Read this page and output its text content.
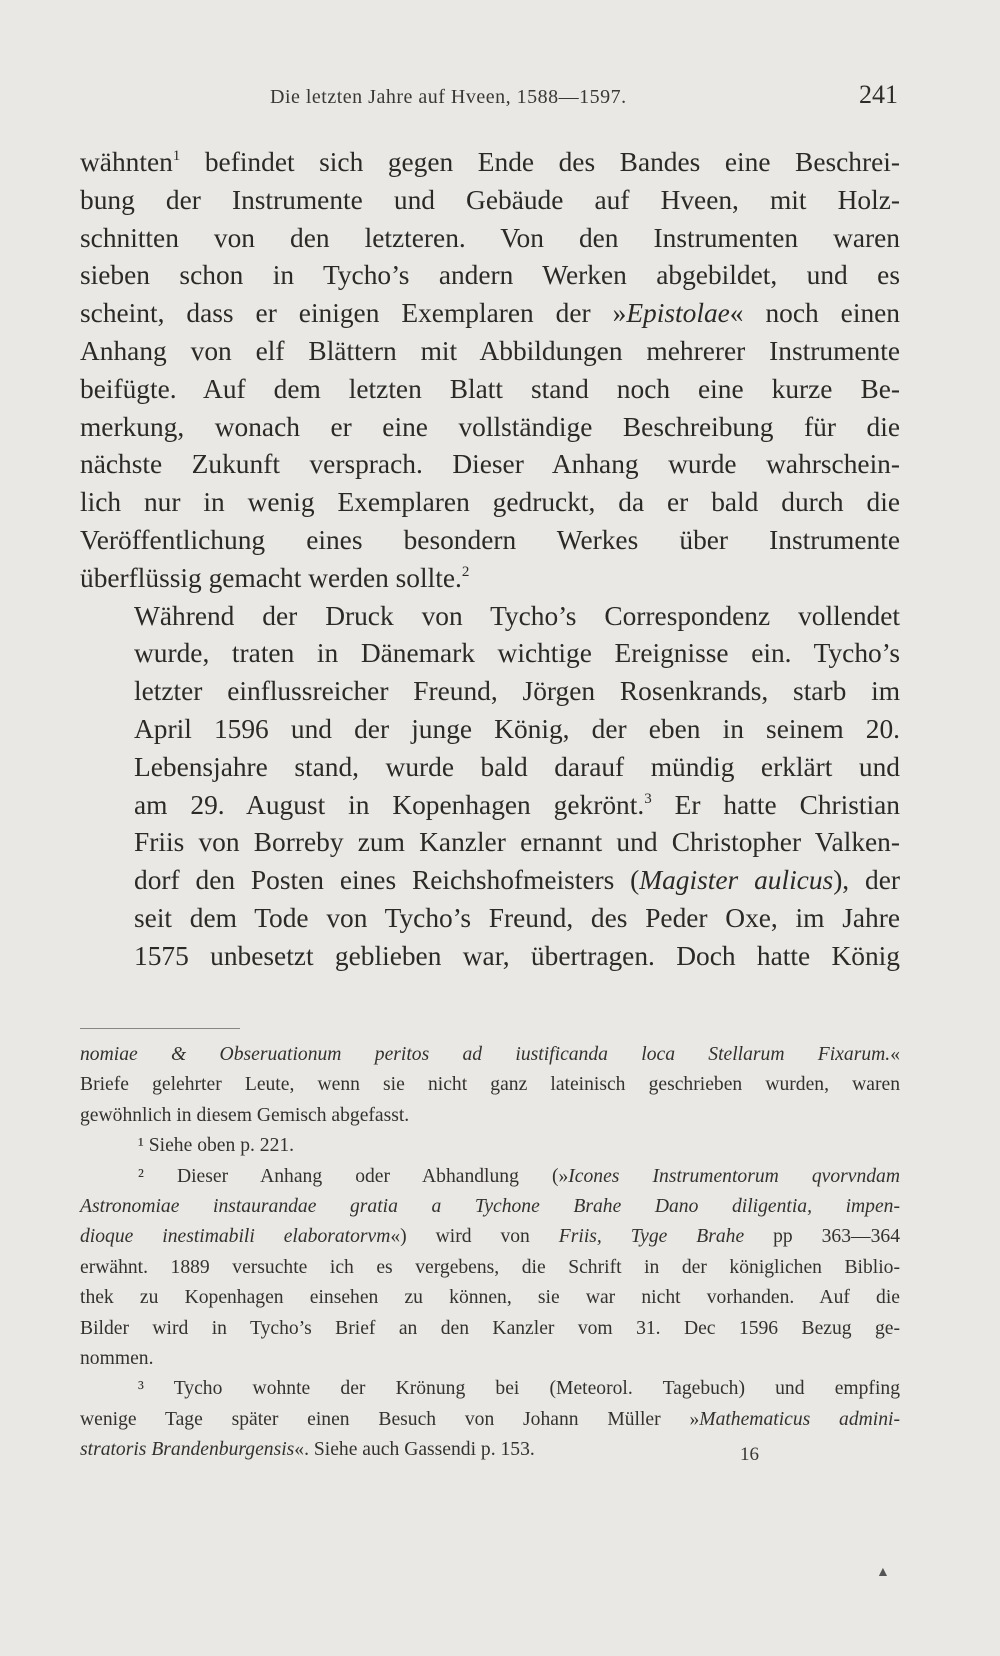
Die letzten Jahre auf Hveen, 1588—1597.	241

wähnten$^1$ befindet sich gegen Ende des Bandes eine Beschrei-
bung der Instrumente und Gebäude auf Hveen, mit Holz-
schnitten von den letzteren. Von den Instrumenten waren
sieben schon in Tycho’s andern Werken abgebildet, und es
scheint, dass er einigen Exemplaren der »Epistolae« noch einen
Anhang von elf Blättern mit Abbildungen mehrerer Instrumente
beifügte. Auf dem letzten Blatt stand noch eine kurze Be-
merkung, wonach er eine vollständige Beschreibung für die
nächste Zukunft versprach. Dieser Anhang wurde wahrschein-
lich nur in wenig Exemplaren gedruckt, da er bald durch die
Veröffentlichung eines besondern Werkes über Instrumente
überflüssig gemacht werden sollte.$^2$

Während der Druck von Tycho’s Correspondenz vollendet
wurde, traten in Dänemark wichtige Ereignisse ein. Tycho’s
letzter einflussreicher Freund, Jörgen Rosenkrands, starb im
April 1596 und der junge König, der eben in seinem 20.
Lebensjahre stand, wurde bald darauf mündig erklärt und
am 29. August in Kopenhagen gekrönt.$^3$ Er hatte Christian
Friis von Borreby zum Kanzler ernannt und Christopher Valken-
dorf den Posten eines Reichshofmeisters (Magister aulicus), der
seit dem Tode von Tycho’s Freund, des Peder Oxe, im Jahre
1575 unbesetzt geblieben war, übertragen. Doch hatte König

nomiae & Obseruationum peritos ad iustificanda loca Stellarum Fixarum.«
Briefe gelehrter Leute, wenn sie nicht ganz lateinisch geschrieben wurden, waren
gewöhnlich in diesem Gemisch abgefasst.

¹ Siehe oben p. 221.

² Dieser Anhang oder Abhandlung (»Icones Instrumentorum qvorvndam

Astronomiae instaurandae gratia a Tychone Brahe Dano diligentia, impen-
dioque inestimabili elaboratorvm«) wird von Friis, Tyge Brahe pp 363—364
erwähnt. 1889 versuchte ich es vergebens, die Schrift in der königlichen Biblio-
thek zu Kopenhagen einsehen zu können, sie war nicht vorhanden. Auf die
Bilder wird in Tycho’s Brief an den Kanzler vom 31. Dec 1596 Bezug ge-
nommen.

³ Tycho wohnte der Krönung bei (Meteorol. Tagebuch) und empfing

wenige Tage später einen Besuch von Johann Müller »Mathematicus admini-
stratoris Brandenburgensis«. Siehe auch Gassendi p. 153.	16
▲
